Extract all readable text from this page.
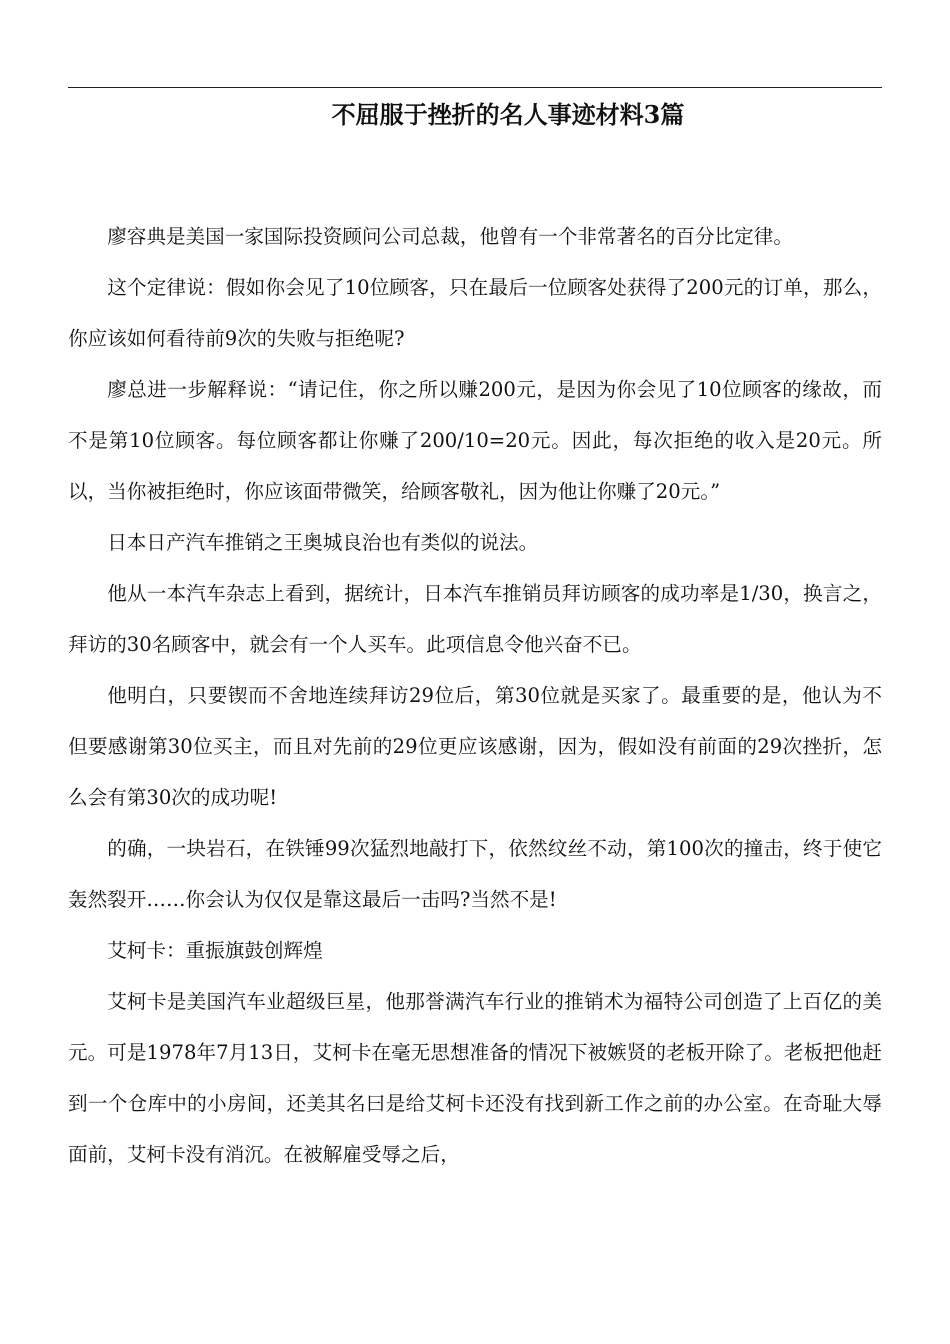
不屈服于挫折的名人事迹材料3篇

廖容典是美国一家国际投资顾问公司总裁，他曾有一个非常著名的百分比定律。

这个定律说：假如你会见了10位顾客，只在最后一位顾客处获得了200元的订单，那么，你应该如何看待前9次的失败与拒绝呢?

廖总进一步解释说：“请记住，你之所以赚200元，是因为你会见了10位顾客的缘故，而不是第10位顾客。每位顾客都让你赚了200/10=20元。因此，每次拒绝的收入是20元。所以，当你被拒绝时，你应该面带微笑，给顾客敬礼，因为他让你赚了20元。”

日本日产汽车推销之王奥城良治也有类似的说法。

他从一本汽车杂志上看到，据统计，日本汽车推销员拜访顾客的成功率是1/30，换言之，拜访的30名顾客中，就会有一个人买车。此项信息令他兴奋不已。

他明白，只要锲而不舍地连续拜访29位后，第30位就是买家了。最重要的是，他认为不但要感谢第30位买主，而且对先前的29位更应该感谢，因为，假如没有前面的29次挫折，怎么会有第30次的成功呢!

的确，一块岩石，在铁锤99次猛烈地敲打下，依然纹丝不动，第100次的撞击，终于使它轰然裂开……你会认为仅仅是靠这最后一击吗?当然不是!

艾柯卡：重振旗鼓创辉煌

艾柯卡是美国汽车业超级巨星，他那誉满汽车行业的推销术为福特公司创造了上百亿的美元。可是1978年7月13日，艾柯卡在毫无思想准备的情况下被嫉贤的老板开除了。老板把他赶到一个仓库中的小房间，还美其名曰是给艾柯卡还没有找到新工作之前的办公室。在奇耻大辱面前，艾柯卡没有消沉。在被解雇受辱之后，
